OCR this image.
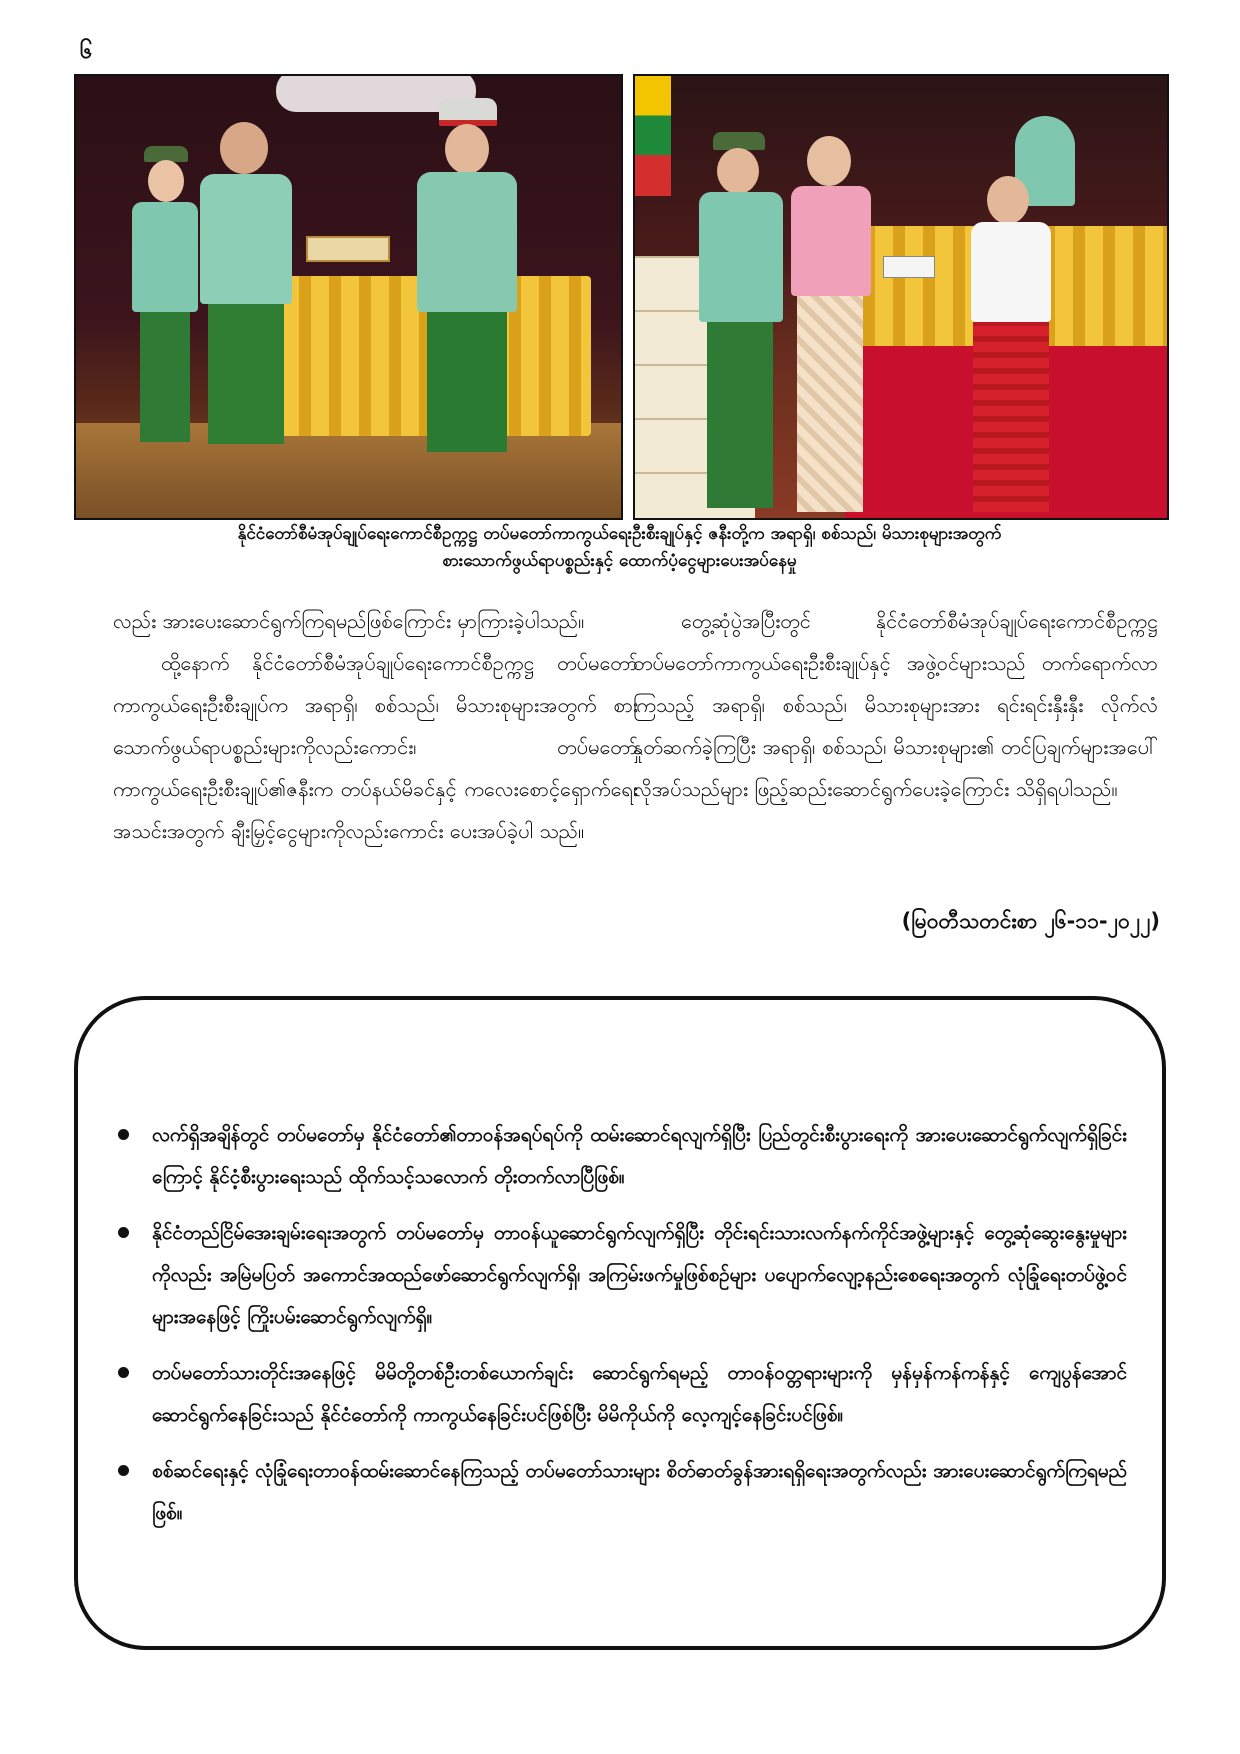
၆
နိုင်ငံတော်စီမံအုပ်ချုပ်ရေးကောင်စီဥက္ကဋ္ဌ တပ်မတော်ကာကွယ်ရေးဦးစီးချုပ်နှင့် ဇနီးတို့က အရာရှိ၊ စစ်သည်၊ မိသားစုများအတွက်
စားသောက်ဖွယ်ရာပစ္စည်းနှင့် ထောက်ပံ့ငွေများပေးအပ်နေမှု

လည်း အားပေးဆောင်ရွက်ကြရမည်ဖြစ်ကြောင်း မှာကြားခဲ့ပါသည်။

ထို့နောက် နိုင်ငံတော်စီမံအုပ်ချုပ်ရေးကောင်စီဥက္ကဋ္ဌ တပ်မတော်ကာကွယ်ရေးဦးစီးချုပ်က အရာရှိ၊ စစ်သည်၊ မိသားစုများအတွက် စားသောက်ဖွယ်ရာပစ္စည်းများကိုလည်းကောင်း၊ တပ်မတော်ကာကွယ်ရေးဦးစီးချုပ်၏ဇနီးက တပ်နယ်မိခင်နှင့် ကလေးစောင့်ရှောက်ရေးအသင်းအတွက် ချီးမြှင့်ငွေများကိုလည်းကောင်း ပေးအပ်ခဲ့ပါ သည်။

တွေ့ဆုံပွဲအပြီးတွင် နိုင်ငံတော်စီမံအုပ်ချုပ်ရေးကောင်စီဥက္ကဋ္ဌ တပ်မတော်ကာကွယ်ရေးဦးစီးချုပ်နှင့် အဖွဲ့ဝင်များသည် တက်ရောက်လာကြသည့် အရာရှိ၊ စစ်သည်၊ မိသားစုများအား ရင်းရင်းနှီးနှီး လိုက်လံနှုတ်ဆက်ခဲ့ကြပြီး အရာရှိ၊ စစ်သည်၊ မိသားစုများ၏ တင်ပြချက်များအပေါ် လိုအပ်သည်များ ဖြည့်ဆည်းဆောင်ရွက်ပေးခဲ့ကြောင်း သိရှိရပါသည်။

(မြဝတီသတင်းစာ ၂၆-၁၁-၂၀၂၂)
လက်ရှိအချိန်တွင် တပ်မတော်မှ နိုင်ငံတော်၏တာဝန်အရပ်ရပ်ကို ထမ်းဆောင်ရလျက်ရှိပြီး ပြည်တွင်းစီးပွားရေးကို အားပေးဆောင်ရွက်လျက်ရှိခြင်းကြောင့် နိုင်ငံ့စီးပွားရေးသည် ထိုက်သင့်သလောက် တိုးတက်လာပြီဖြစ်။
နိုင်ငံတည်ငြိမ်အေးချမ်းရေးအတွက် တပ်မတော်မှ တာဝန်ယူဆောင်ရွက်လျက်ရှိပြီး တိုင်းရင်းသားလက်နက်ကိုင်အဖွဲ့များနှင့် တွေ့ဆုံဆွေးနွေးမှုများကိုလည်း အမြဲမပြတ် အကောင်အထည်ဖော်ဆောင်ရွက်လျက်ရှိ၊ အကြမ်းဖက်မှုဖြစ်စဉ်များ ပပျောက်လျော့နည်းစေရေးအတွက် လုံခြုံရေးတပ်ဖွဲ့ဝင်များအနေဖြင့် ကြိုးပမ်းဆောင်ရွက်လျက်ရှိ။
တပ်မတော်သားတိုင်းအနေဖြင့် မိမိတို့တစ်ဦးတစ်ယောက်ချင်း ဆောင်ရွက်ရမည့် တာဝန်ဝတ္တရားများကို မှန်မှန်ကန်ကန်နှင့် ကျေပွန်အောင် ဆောင်ရွက်နေခြင်းသည် နိုင်ငံတော်ကို ကာကွယ်နေခြင်းပင်ဖြစ်ပြီး မိမိကိုယ်ကို လေ့ကျင့်နေခြင်းပင်ဖြစ်။
စစ်ဆင်ရေးနှင့် လုံခြုံရေးတာဝန်ထမ်းဆောင်နေကြသည့် တပ်မတော်သားများ စိတ်ဓာတ်ခွန်အားရရှိရေးအတွက်လည်း အားပေးဆောင်ရွက်ကြရမည်ဖြစ်။
